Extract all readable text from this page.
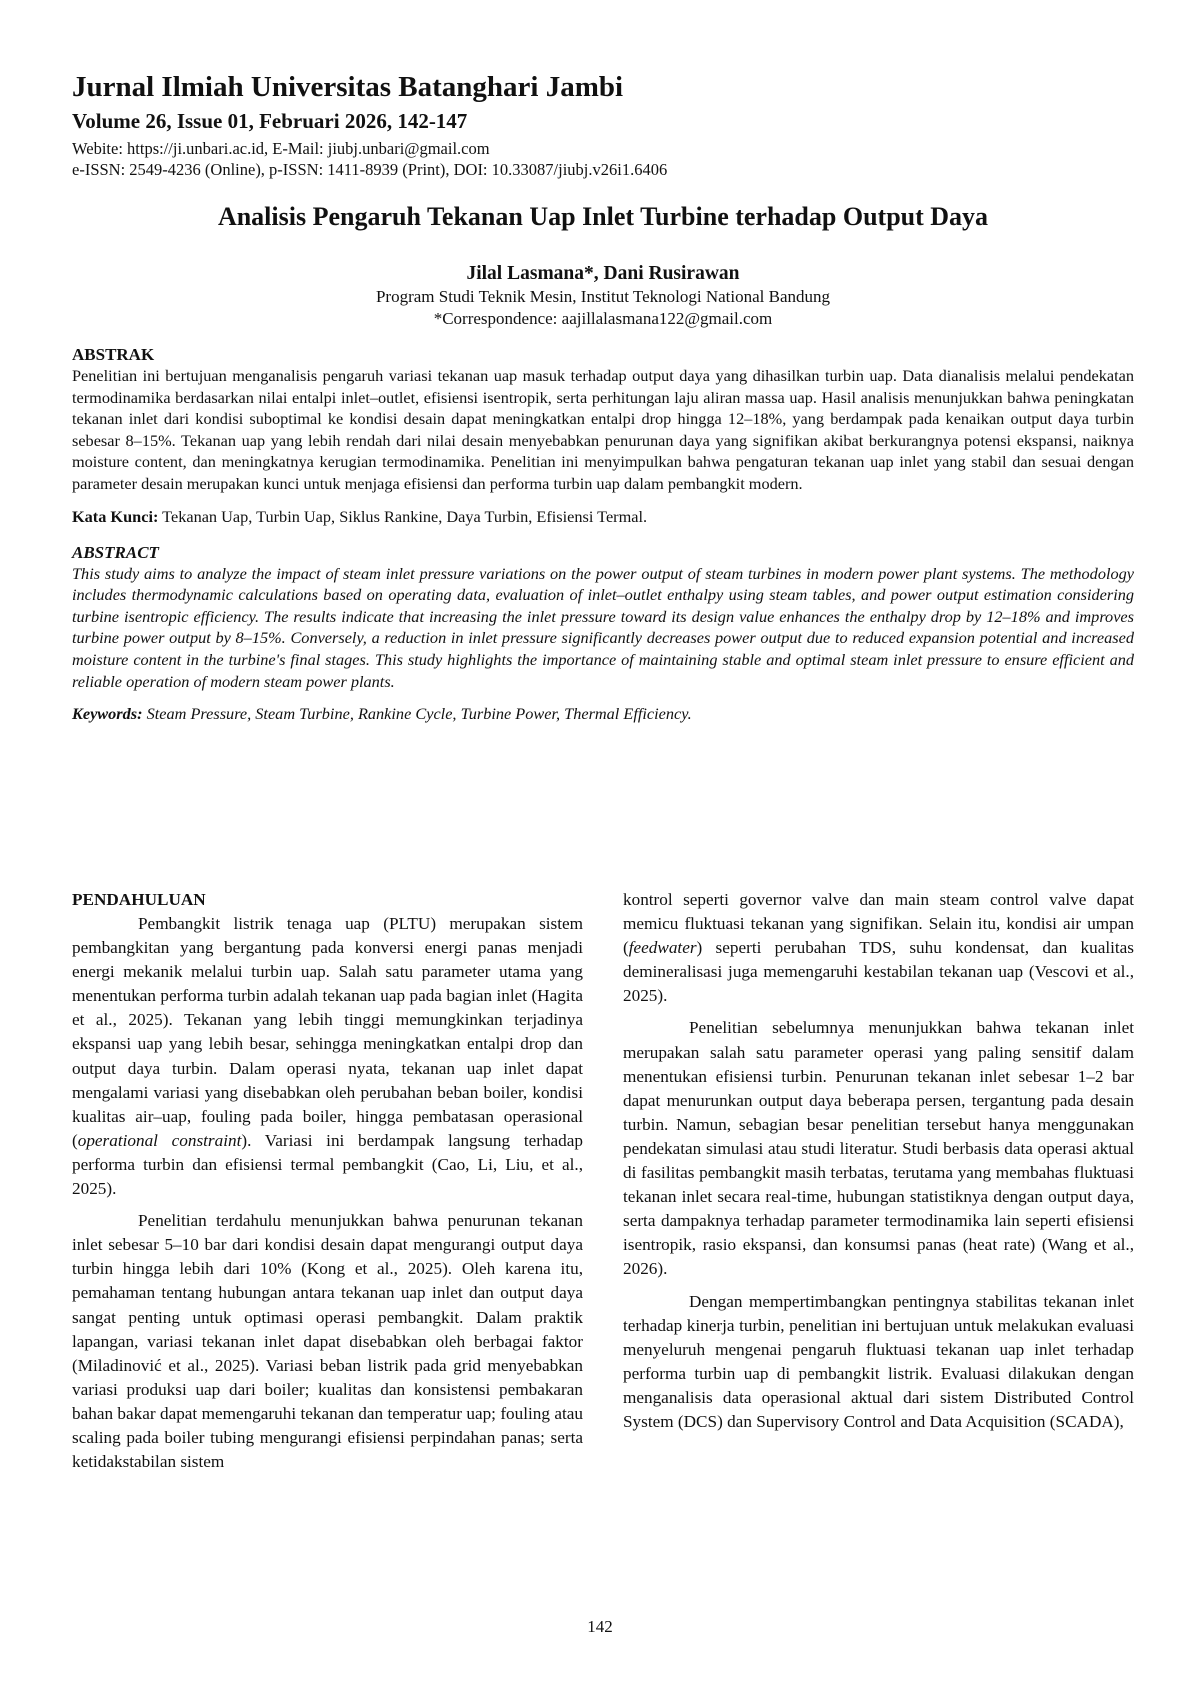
Jurnal Ilmiah Universitas Batanghari Jambi
Volume 26, Issue 01, Februari 2026, 142-147

Webite: https://ji.unbari.ac.id, E-Mail: jiubj.unbari@gmail.com

e-ISSN: 2549-4236 (Online), p-ISSN: 1411-8939 (Print), DOI: 10.33087/jiubj.v26i1.6406

Analisis Pengaruh Tekanan Uap Inlet Turbine terhadap Output Daya

Jilal Lasmana*, Dani Rusirawan

Program Studi Teknik Mesin, Institut Teknologi National Bandung

*Correspondence: aajillalasmana122@gmail.com

ABSTRAK

Penelitian ini bertujuan menganalisis pengaruh variasi tekanan uap masuk terhadap output daya yang dihasilkan turbin uap. Data dianalisis melalui pendekatan termodinamika berdasarkan nilai entalpi inlet–outlet, efisiensi isentropik, serta perhitungan laju aliran massa uap. Hasil analisis menunjukkan bahwa peningkatan tekanan inlet dari kondisi suboptimal ke kondisi desain dapat meningkatkan entalpi drop hingga 12–18%, yang berdampak pada kenaikan output daya turbin sebesar 8–15%. Tekanan uap yang lebih rendah dari nilai desain menyebabkan penurunan daya yang signifikan akibat berkurangnya potensi ekspansi, naiknya moisture content, dan meningkatnya kerugian termodinamika. Penelitian ini menyimpulkan bahwa pengaturan tekanan uap inlet yang stabil dan sesuai dengan parameter desain merupakan kunci untuk menjaga efisiensi dan performa turbin uap dalam pembangkit modern.

Kata Kunci: Tekanan Uap, Turbin Uap, Siklus Rankine, Daya Turbin, Efisiensi Termal.

ABSTRACT

This study aims to analyze the impact of steam inlet pressure variations on the power output of steam turbines in modern power plant systems. The methodology includes thermodynamic calculations based on operating data, evaluation of inlet–outlet enthalpy using steam tables, and power output estimation considering turbine isentropic efficiency. The results indicate that increasing the inlet pressure toward its design value enhances the enthalpy drop by 12–18% and improves turbine power output by 8–15%. Conversely, a reduction in inlet pressure significantly decreases power output due to reduced expansion potential and increased moisture content in the turbine's final stages. This study highlights the importance of maintaining stable and optimal steam inlet pressure to ensure efficient and reliable operation of modern steam power plants.

Keywords: Steam Pressure, Steam Turbine, Rankine Cycle, Turbine Power, Thermal Efficiency.

PENDAHULUAN

Pembangkit listrik tenaga uap (PLTU) merupakan sistem pembangkitan yang bergantung pada konversi energi panas menjadi energi mekanik melalui turbin uap. Salah satu parameter utama yang menentukan performa turbin adalah tekanan uap pada bagian inlet (Hagita et al., 2025). Tekanan yang lebih tinggi memungkinkan terjadinya ekspansi uap yang lebih besar, sehingga meningkatkan entalpi drop dan output daya turbin. Dalam operasi nyata, tekanan uap inlet dapat mengalami variasi yang disebabkan oleh perubahan beban boiler, kondisi kualitas air–uap, fouling pada boiler, hingga pembatasan operasional (operational constraint). Variasi ini berdampak langsung terhadap performa turbin dan efisiensi termal pembangkit (Cao, Li, Liu, et al., 2025).

Penelitian terdahulu menunjukkan bahwa penurunan tekanan inlet sebesar 5–10 bar dari kondisi desain dapat mengurangi output daya turbin hingga lebih dari 10% (Kong et al., 2025). Oleh karena itu, pemahaman tentang hubungan antara tekanan uap inlet dan output daya sangat penting untuk optimasi operasi pembangkit. Dalam praktik lapangan, variasi tekanan inlet dapat disebabkan oleh berbagai faktor (Miladinović et al., 2025). Variasi beban listrik pada grid menyebabkan variasi produksi uap dari boiler; kualitas dan konsistensi pembakaran bahan bakar dapat memengaruhi tekanan dan temperatur uap; fouling atau scaling pada boiler tubing mengurangi efisiensi perpindahan panas; serta ketidakstabilan sistem

kontrol seperti governor valve dan main steam control valve dapat memicu fluktuasi tekanan yang signifikan. Selain itu, kondisi air umpan (feedwater) seperti perubahan TDS, suhu kondensat, dan kualitas demineralisasi juga memengaruhi kestabilan tekanan uap (Vescovi et al., 2025).

Penelitian sebelumnya menunjukkan bahwa tekanan inlet merupakan salah satu parameter operasi yang paling sensitif dalam menentukan efisiensi turbin. Penurunan tekanan inlet sebesar 1–2 bar dapat menurunkan output daya beberapa persen, tergantung pada desain turbin. Namun, sebagian besar penelitian tersebut hanya menggunakan pendekatan simulasi atau studi literatur. Studi berbasis data operasi aktual di fasilitas pembangkit masih terbatas, terutama yang membahas fluktuasi tekanan inlet secara real-time, hubungan statistiknya dengan output daya, serta dampaknya terhadap parameter termodinamika lain seperti efisiensi isentropik, rasio ekspansi, dan konsumsi panas (heat rate) (Wang et al., 2026).

Dengan mempertimbangkan pentingnya stabilitas tekanan inlet terhadap kinerja turbin, penelitian ini bertujuan untuk melakukan evaluasi menyeluruh mengenai pengaruh fluktuasi tekanan uap inlet terhadap performa turbin uap di pembangkit listrik. Evaluasi dilakukan dengan menganalisis data operasional aktual dari sistem Distributed Control System (DCS) dan Supervisory Control and Data Acquisition (SCADA),

142
